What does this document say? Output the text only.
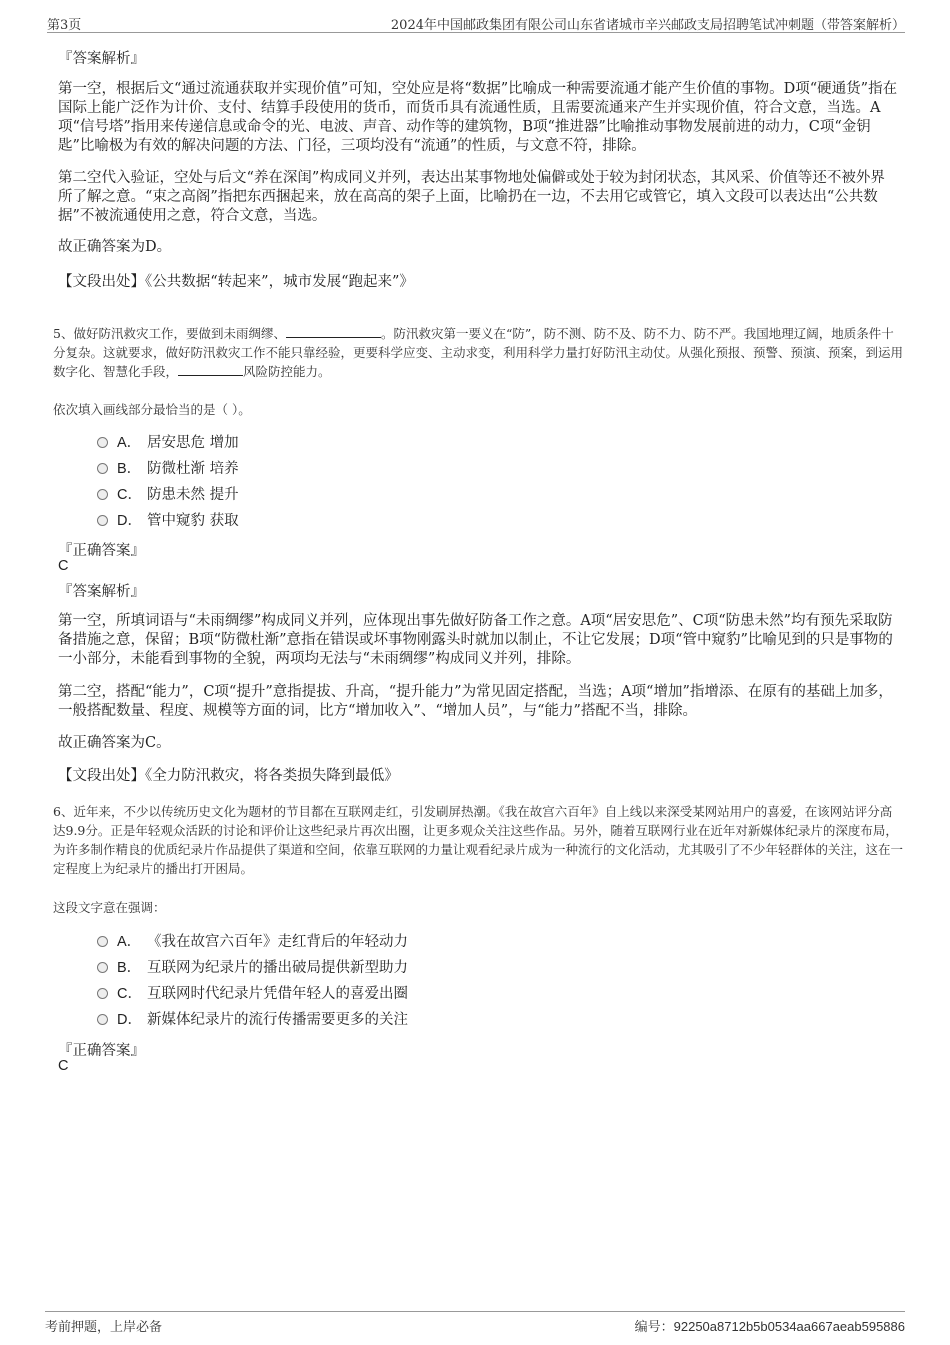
第3页	2024年中国邮政集团有限公司山东省诸城市辛兴邮政支局招聘笔试冲刺题（带答案解析）
『答案解析』

第一空，根据后文“通过流通获取并实现价值”可知，空处应是将“数据”比喻成一种需要流通才能产生价值的事物。D项“硬通货”指在国际上能广泛作为计价、支付、结算手段使用的货币，而货币具有流通性质，且需要流通来产生并实现价值，符合文意，当选。A项“信号塔”指用来传递信息或命令的光、电波、声音、动作等的建筑物，B项“推进器”比喻推动事物发展前进的动力，C项“金钥匙”比喻极为有效的解决问题的方法、门径，三项均没有“流通”的性质，与文意不符，排除。

第二空代入验证，空处与后文“养在深闺”构成同义并列，表达出某事物地处偏僻或处于较为封闭状态，其风采、价值等还不被外界所了解之意。“束之高阁”指把东西捆起来，放在高高的架子上面，比喻扔在一边，不去用它或管它，填入文段可以表达出“公共数据”不被流通使用之意，符合文意，当选。

故正确答案为D。

【文段出处】《公共数据“转起来”，城市发展“跑起来”》

5、做好防汛救灾工作，要做到未雨绸缪、	。防汛救灾第一要义在“防”，防不测、防不及、防不力、防不严。我国地理辽阔，地质条件十分复杂。这就要求，做好防汛救灾工作不能只靠经验，更要科学应变、主动求变，利用科学力量打好防汛主动仗。从强化预报、预警、预演、预案，到运用数字化、智慧化手段，	风险防控能力。

依次填入画线部分最恰当的是（ ）。

A． 居安思危 增加
B． 防微杜渐 培养
C． 防患未然 提升
D． 管中窥豹 获取
『正确答案』
C
『答案解析』

第一空，所填词语与“未雨绸缪”构成同义并列，应体现出事先做好防备工作之意。A项“居安思危”、C项“防患未然”均有预先采取防备措施之意，保留；B项“防微杜渐”意指在错误或坏事物刚露头时就加以制止，不让它发展；D项“管中窥豹”比喻见到的只是事物的一小部分，未能看到事物的全貌，两项均无法与“未雨绸缪”构成同义并列，排除。

第二空，搭配“能力”，C项“提升”意指提拔、升高，“提升能力”为常见固定搭配，当选；A项“增加”指增添、在原有的基础上加多，一般搭配数量、程度、规模等方面的词，比方“增加收入”、“增加人员”，与“能力”搭配不当，排除。

故正确答案为C。

【文段出处】《全力防汛救灾，将各类损失降到最低》

6、近年来，不少以传统历史文化为题材的节目都在互联网走红，引发刷屏热潮。《我在故宫六百年》自上线以来深受某网站用户的喜爱，在该网站评分高达9.9分。正是年轻观众活跃的讨论和评价让这些纪录片再次出圈，让更多观众关注这些作品。另外，随着互联网行业在近年对新媒体纪录片的深度布局，为许多制作精良的优质纪录片作品提供了渠道和空间，依靠互联网的力量让观看纪录片成为一种流行的文化活动，尤其吸引了不少年轻群体的关注，这在一定程度上为纪录片的播出打开困局。

这段文字意在强调：

A． 《我在故宫六百年》走红背后的年轻动力
B． 互联网为纪录片的播出破局提供新型助力
C． 互联网时代纪录片凭借年轻人的喜爱出圈
D． 新媒体纪录片的流行传播需要更多的关注
『正确答案』
C
考前押题，上岸必备	编号：92250a8712b5b0534aa667aeab595886
